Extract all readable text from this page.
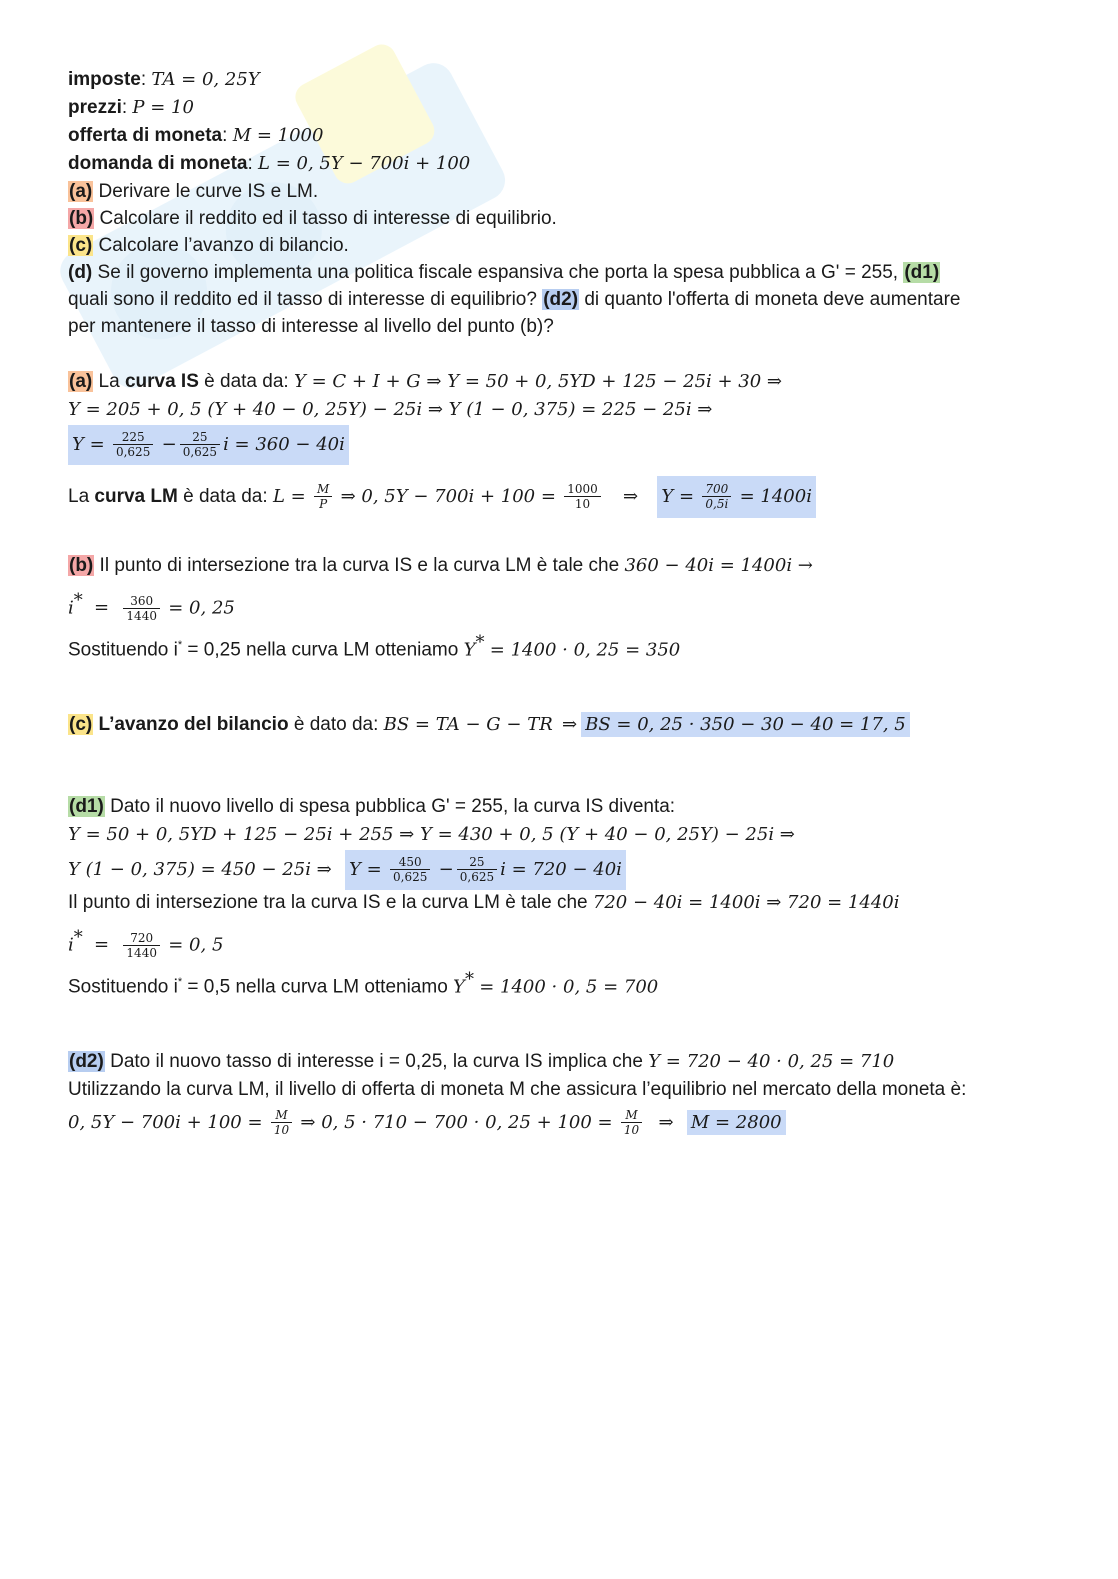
imposte: TA = 0, 25Y
prezzi: P = 10
offerta di moneta: M = 1000
domanda di moneta: L = 0, 5Y − 700i + 100
(a) Derivare le curve IS e LM.
(b) Calcolare il reddito ed il tasso di interesse di equilibrio.
(c) Calcolare l’avanzo di bilancio.
(d) Se il governo implementa una politica fiscale espansiva che porta la spesa pubblica a G' = 255, (d1)
quali sono il reddito ed il tasso di interesse di equilibrio? (d2) di quanto l'offerta di moneta deve aumentare
per mantenere il tasso di interesse al livello del punto (b)?
(a) La curva IS è data da: Y = C + I + G ⇒ Y = 50 + 0, 5YD + 125 − 25i + 30 ⇒
Y = 205 + 0, 5 (Y + 40 − 0, 25Y) − 25i ⇒ Y (1 − 0, 375) = 225 − 25i ⇒
$Y = \frac{225}{0,625} - \frac{25}{0,625}$ i = 360 − 40i
La curva LM è data da: $L = \frac{M}{P}$ ⇒ 0, $5Y - 700i + 100 = \frac{1000}{10}$ ⇒ $Y = \frac{700}{0,5i} = 1400i$
(b) Il punto di intersezione tra la curva IS e la curva LM è tale che 360 − 40i = 1400i →
$i^* = \frac{360}{1440} = 0$, 25
Sostituendo i* = 0,25 nella curva LM otteniamo Y* = 1400 · 0, 25 = 350
(c) L’avanzo del bilancio è dato da: BS = TA − G − TR ⇒ BS = 0, 25 · 350 − 30 − 40 = 17, 5
(d1) Dato il nuovo livello di spesa pubblica G' = 255, la curva IS diventa:
Y = 50 + 0, 5YD + 125 − 25i + 255 ⇒ Y = 430 + 0, 5 (Y + 40 − 0, 25Y) − 25i ⇒
Y (1 − 0, 375) = 450 − 25i ⇒ $Y = \frac{450}{0,625} - \frac{25}{0,625}$ i = 720 − 40i
Il punto di intersezione tra la curva IS e la curva LM è tale che 720 − 40i = 1400i ⇒ 720 = 1440i
$i^* = \frac{720}{1440} = 0$, 5
Sostituendo i* = 0,5 nella curva LM otteniamo Y* = 1400 · 0, 5 = 700
(d2) Dato il nuovo tasso di interesse i = 0,25, la curva IS implica che Y = 720 − 40 · 0, 25 = 710
Utilizzando la curva LM, il livello di offerta di moneta M che assicura l’equilibrio nel mercato della moneta è:
0, $5Y - 700i + 100 = \frac{M}{10}$ ⇒ 0, 5 · 710 − 700 · 0, $25 + 100 = \frac{M}{10}$ ⇒ M = 2800
